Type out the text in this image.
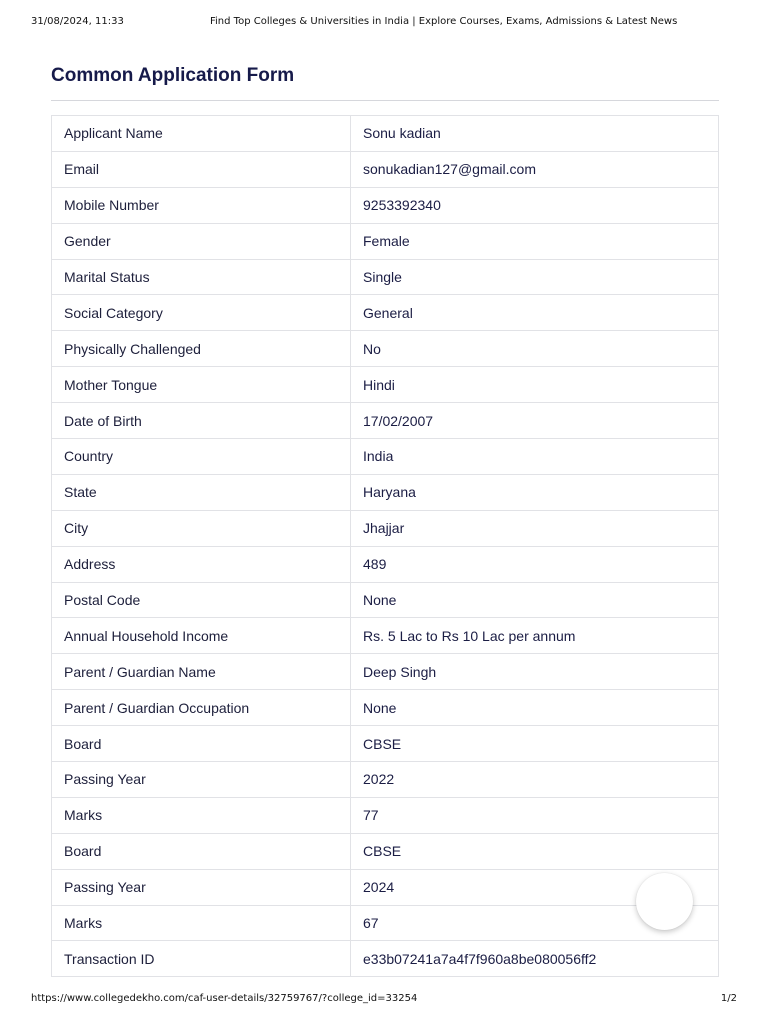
31/08/2024, 11:33	Find Top Colleges & Universities in India | Explore Courses, Exams, Admissions & Latest News
Common Application Form
Applicant Name	Sonu kadian
Email	sonukadian127@gmail.com
Mobile Number	9253392340
Gender	Female
Marital Status	Single
Social Category	General
Physically Challenged	No
Mother Tongue	Hindi
Date of Birth	17/02/2007
Country	India
State	Haryana
City	Jhajjar
Address	489
Postal Code	None
Annual Household Income	Rs. 5 Lac to Rs 10 Lac per annum
Parent / Guardian Name	Deep Singh
Parent / Guardian Occupation	None
Board	CBSE
Passing Year	2022
Marks	77
Board	CBSE
Passing Year	2024
Marks	67
Transaction ID	e33b07241a7a4f7f960a8be080056ff2
https://www.collegedekho.com/caf-user-details/32759767/?college_id=33254	1/2
